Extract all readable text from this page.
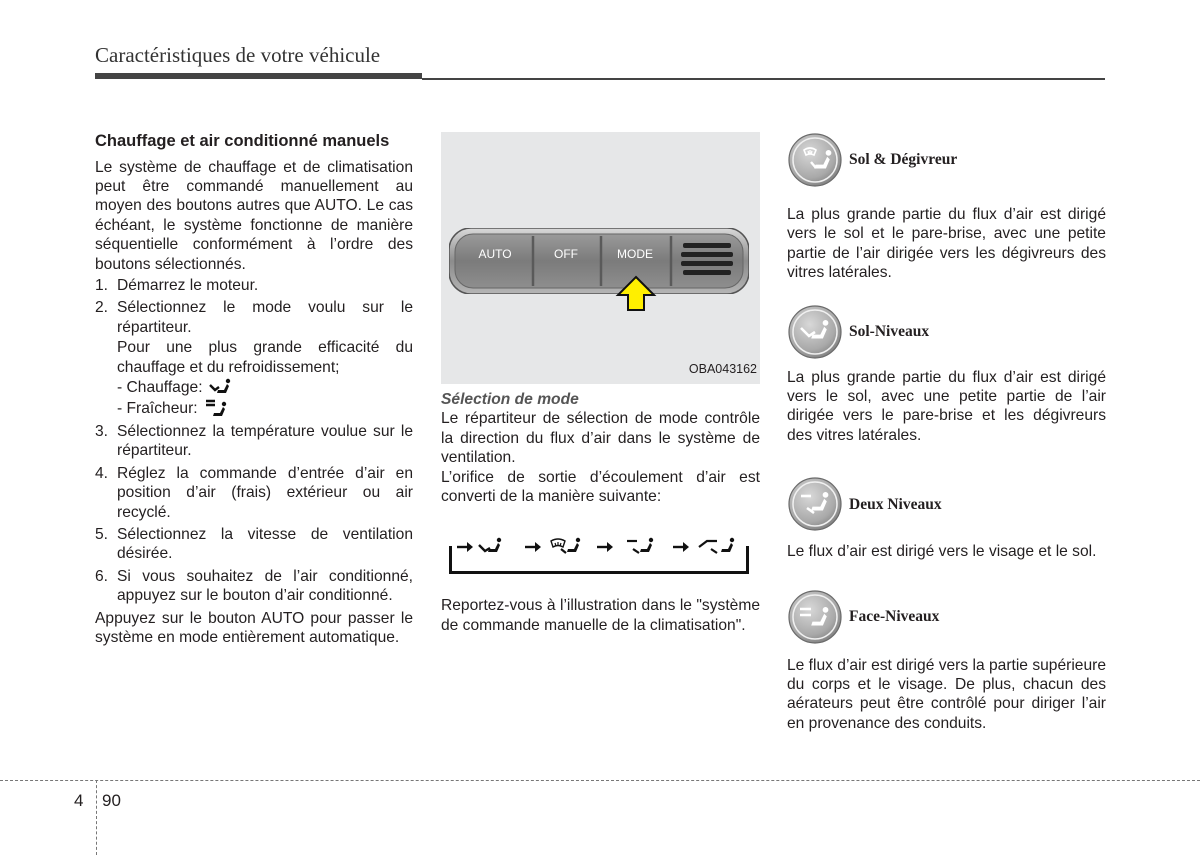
Caractéristiques de votre véhicule
Chauffage et air conditionné manuels
Le système de chauffage et de climatisation peut être commandé manuellement au moyen des boutons autres que AUTO. Le cas échéant, le système fonctionne de manière séquentielle conformément à l’ordre des boutons sélectionnés.
1. Démarrez le moteur.
2. Sélectionnez le mode voulu sur le répartiteur.
Pour une plus grande efficacité du chauffage et du refroidissement;
- Chauffage:
- Fraîcheur:
3. Sélectionnez la température voulue sur le répartiteur.
4. Réglez la commande d’entrée d’air en position d’air (frais) extérieur ou air recyclé.
5. Sélectionnez la vitesse de ventilation désirée.
6. Si vous souhaitez de l’air conditionné, appuyez sur le bouton d’air conditionné.
Appuyez sur le bouton AUTO pour passer le système en mode entièrement automatique.
AUTO	OFF	MODE
OBA043162
Sélection de mode
Le répartiteur de sélection de mode contrôle la direction du flux d’air dans le système de ventilation.
L’orifice de sortie d’écoulement d’air est converti de la manière suivante:
Reportez-vous à l’illustration dans le "système de commande manuelle de la climatisation".
Sol & Dégivreur
La plus grande partie du flux d’air est dirigé vers le sol et le pare-brise, avec une petite partie de l’air dirigée vers les dégivreurs des vitres latérales.
Sol-Niveaux
La plus grande partie du flux d’air est dirigé vers le sol, avec une petite partie de l’air dirigée vers le pare-brise et les dégivreurs des vitres latérales.
Deux Niveaux
Le flux d’air est dirigé vers le visage et le sol.
Face-Niveaux
Le flux d’air est dirigé vers la partie supérieure du corps et le visage. De plus, chacun des aérateurs peut être contrôlé pour diriger l’air en provenance des conduits.
4 90
